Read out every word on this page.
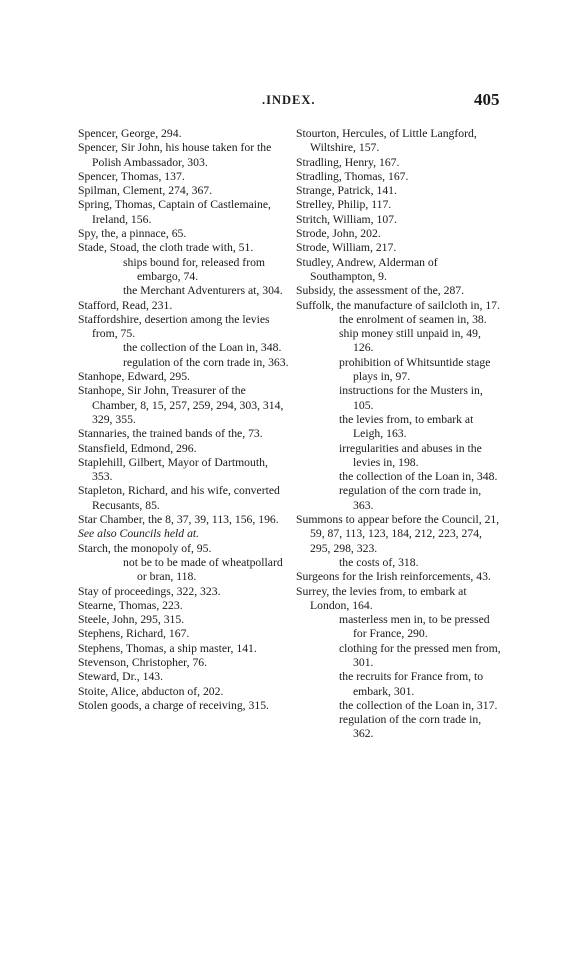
.INDEX.	405
Spencer, George, 294.
Spencer, Sir John, his house taken for the Polish Ambassador, 303.
Spencer, Thomas, 137.
Spilman, Clement, 274, 367.
Spring, Thomas, Captain of Castlemaine, Ireland, 156.
Spy, the, a pinnace, 65.
Stade, Stoad, the cloth trade with, 51.
ships bound for, released from embargo, 74.
the Merchant Adventurers at, 304.
Stafford, Read, 231.
Staffordshire, desertion among the levies from, 75.
the collection of the Loan in, 348.
regulation of the corn trade in, 363.
Stanhope, Edward, 295.
Stanhope, Sir John, Treasurer of the Chamber, 8, 15, 257, 259, 294, 303, 314, 329, 355.
Stannaries, the trained bands of the, 73.
Stansfield, Edmond, 296.
Staplehill, Gilbert, Mayor of Dartmouth, 353.
Stapleton, Richard, and his wife, converted Recusants, 85.
Star Chamber, the 8, 37, 39, 113, 156, 196.
See also Councils held at.
Starch, the monopoly of, 95.
not be to be made of wheatpollard or bran, 118.
Stay of proceedings, 322, 323.
Stearne, Thomas, 223.
Steele, John, 295, 315.
Stephens, Richard, 167.
Stephens, Thomas, a ship master, 141.
Stevenson, Christopher, 76.
Steward, Dr., 143.
Stoite, Alice, abducton of, 202.
Stolen goods, a charge of receiving, 315.
Stourton, Hercules, of Little Langford, Wiltshire, 157.
Stradling, Henry, 167.
Stradling, Thomas, 167.
Strange, Patrick, 141.
Strelley, Philip, 117.
Stritch, William, 107.
Strode, John, 202.
Strode, William, 217.
Studley, Andrew, Alderman of Southampton, 9.
Subsidy, the assessment of the, 287.
Suffolk, the manufacture of sailcloth in, 17.
the enrolment of seamen in, 38.
ship money still unpaid in, 49, 126.
prohibition of Whitsuntide stage plays in, 97.
instructions for the Musters in, 105.
the levies from, to embark at Leigh, 163.
irregularities and abuses in the levies in, 198.
the collection of the Loan in, 348.
regulation of the corn trade in, 363.
Summons to appear before the Council, 21, 59, 87, 113, 123, 184, 212, 223, 274, 295, 298, 323.
the costs of, 318.
Surgeons for the Irish reinforcements, 43.
Surrey, the levies from, to embark at London, 164.
masterless men in, to be pressed for France, 290.
clothing for the pressed men from, 301.
the recruits for France from, to embark, 301.
the collection of the Loan in, 317.
regulation of the corn trade in, 362.
